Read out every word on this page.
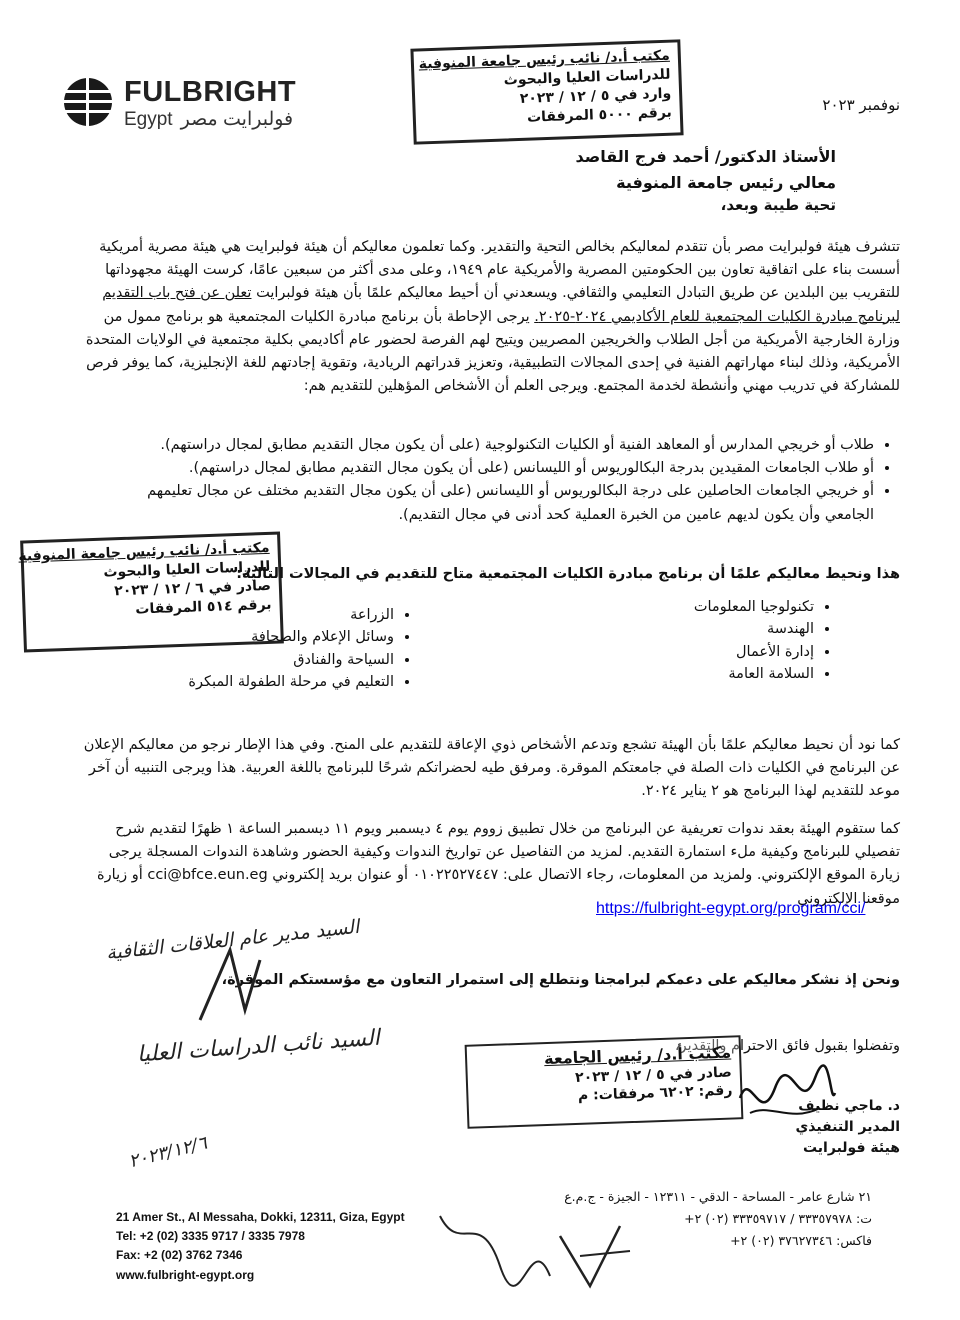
FULBRIGHT
Egypt فولبرايت مصر
نوفمبر ٢٠٢٣
مكتب أ.د/ نائب رئيس جامعة المنوفية
للدراسات العليا والبحوث
وارد في ٥ / ١٢ / ٢٠٢٣
برقم ٥٠٠٠ المرفقات
الأستاذ الدكتور/ أحمد فرج القاصد
معالي رئيس جامعة المنوفية
تحية طيبة وبعد،
تتشرف هيئة فولبرايت مصر بأن تتقدم لمعاليكم بخالص التحية والتقدير. وكما تعلمون معاليكم أن هيئة فولبرايت هي هيئة مصرية أمريكية أسست بناء على اتفاقية تعاون بين الحكومتين المصرية والأمريكية عام ١٩٤٩، وعلى مدى أكثر من سبعين عامًا، كرست الهيئة مجهوداتها للتقريب بين البلدين عن طريق التبادل التعليمي والثقافي. ويسعدني أن أحيط معاليكم علمًا بأن هيئة فولبرايت تعلن عن فتح باب التقديم لبرنامج مبادرة الكليات المجتمعية للعام الأكاديمي ٢٠٢٤-٢٠٢٥. يرجى الإحاطة بأن برنامج مبادرة الكليات المجتمعية هو برنامج ممول من وزارة الخارجية الأمريكية من أجل الطلاب والخريجين المصريين ويتيح لهم الفرصة لحضور عام أكاديمي بكلية مجتمعية في الولايات المتحدة الأمريكية، وذلك لبناء مهاراتهم الفنية في إحدى المجالات التطبيقية، وتعزيز قدراتهم الريادية، وتقوية إجادتهم للغة الإنجليزية، كما يوفر فرص للمشاركة في تدريب مهني وأنشطة لخدمة المجتمع. ويرجى العلم أن الأشخاص المؤهلين للتقديم هم:
• طلاب أو خريجي المدارس أو المعاهد الفنية أو الكليات التكنولوجية (على أن يكون مجال التقديم مطابق لمجال دراستهم).
• أو طلاب الجامعات المقيدين بدرجة البكالوريوس أو الليسانس (على أن يكون مجال التقديم مطابق لمجال دراستهم).
• أو خريجي الجامعات الحاصلين على درجة البكالوريوس أو الليسانس (على أن يكون مجال التقديم مختلف عن مجال تعليمهم الجامعي وأن يكون لديهم عامين من الخبرة العملية كحد أدنى في مجال التقديم).
مكتب أ.د/ نائب رئيس جامعة المنوفية
للدراسات العليا والبحوث
صادر في ٦ / ١٢ / ٢٠٢٣
برقم ٥١٤ المرفقات
هذا ونحيط معاليكم علمًا أن برنامج مبادرة الكليات المجتمعية متاح للتقديم في المجالات التالية:
• تكنولوجيا المعلومات
• الهندسة
• إدارة الأعمال
• السلامة العامة
• الزراعة
• وسائل الإعلام والصحافة
• السياحة والفنادق
• التعليم في مرحلة الطفولة المبكرة
كما نود أن نحيط معاليكم علمًا بأن الهيئة تشجع وتدعم الأشخاص ذوي الإعاقة للتقديم على المنح. وفي هذا الإطار نرجو من معاليكم الإعلان عن البرنامج في الكليات ذات الصلة في جامعتكم الموقرة. ومرفق طيه لحضراتكم شرحًا للبرنامج باللغة العربية. هذا ويرجى التنبيه أن آخر موعد للتقديم لهذا البرنامج هو ٢ يناير ٢٠٢٤.
كما ستقوم الهيئة بعقد ندوات تعريفية عن البرنامج من خلال تطبيق زووم يوم ٤ ديسمبر ويوم ١١ ديسمبر الساعة ١ ظهرًا لتقديم شرح تفصيلي للبرنامج وكيفية ملء استمارة التقديم. لمزيد من التفاصيل عن تواريخ الندوات وكيفية الحضور وشاهدة الندوات المسجلة يرجى زيارة الموقع الإلكتروني. ولمزيد من المعلومات، رجاء الاتصال على: ٠١٠٢٢٥٢٧٤٤٧ أو عنوان بريد إلكتروني cci@bfce.eun.eg أو زيارة موقعنا الإلكتروني
https://fulbright-egypt.org/program/cci/
ونحن إذ نشكر معاليكم على دعمكم لبرامجنا ونتطلع إلى استمرار التعاون مع مؤسستكم الموقرة،
وتفضلوا بقبول فائق الاحترام والتقدير،
مكتب أ.د/ رئيس الجامعة
صادر في ٥ / ١٢ / ٢٠٢٣
رقم: ٦٢٠٢ مرفقات: م
د. ماجي نظيف
المدير التنفيذي
هيئة فولبرايت
السيد مدير عام العلاقات الثقافية
السيد نائب الدراسات العليا
٢٠٢٣/١٢/٦
21 Amer St., Al Messaha, Dokki, 12311, Giza, Egypt
Tel: +2 (02) 3335 9717 / 3335 7978
Fax: +2 (02) 3762 7346
www.fulbright-egypt.org
٢١ شارع عامر - المساحة - الدقي - ١٢٣١١ - الجيزة - ج.م.ع
ت: ٣٣٣٥٧٩٧٨ / ٣٣٣٥٩٧١٧ (٠٢) ٢+
فاكس: ٣٧٦٢٧٣٤٦ (٠٢) ٢+
